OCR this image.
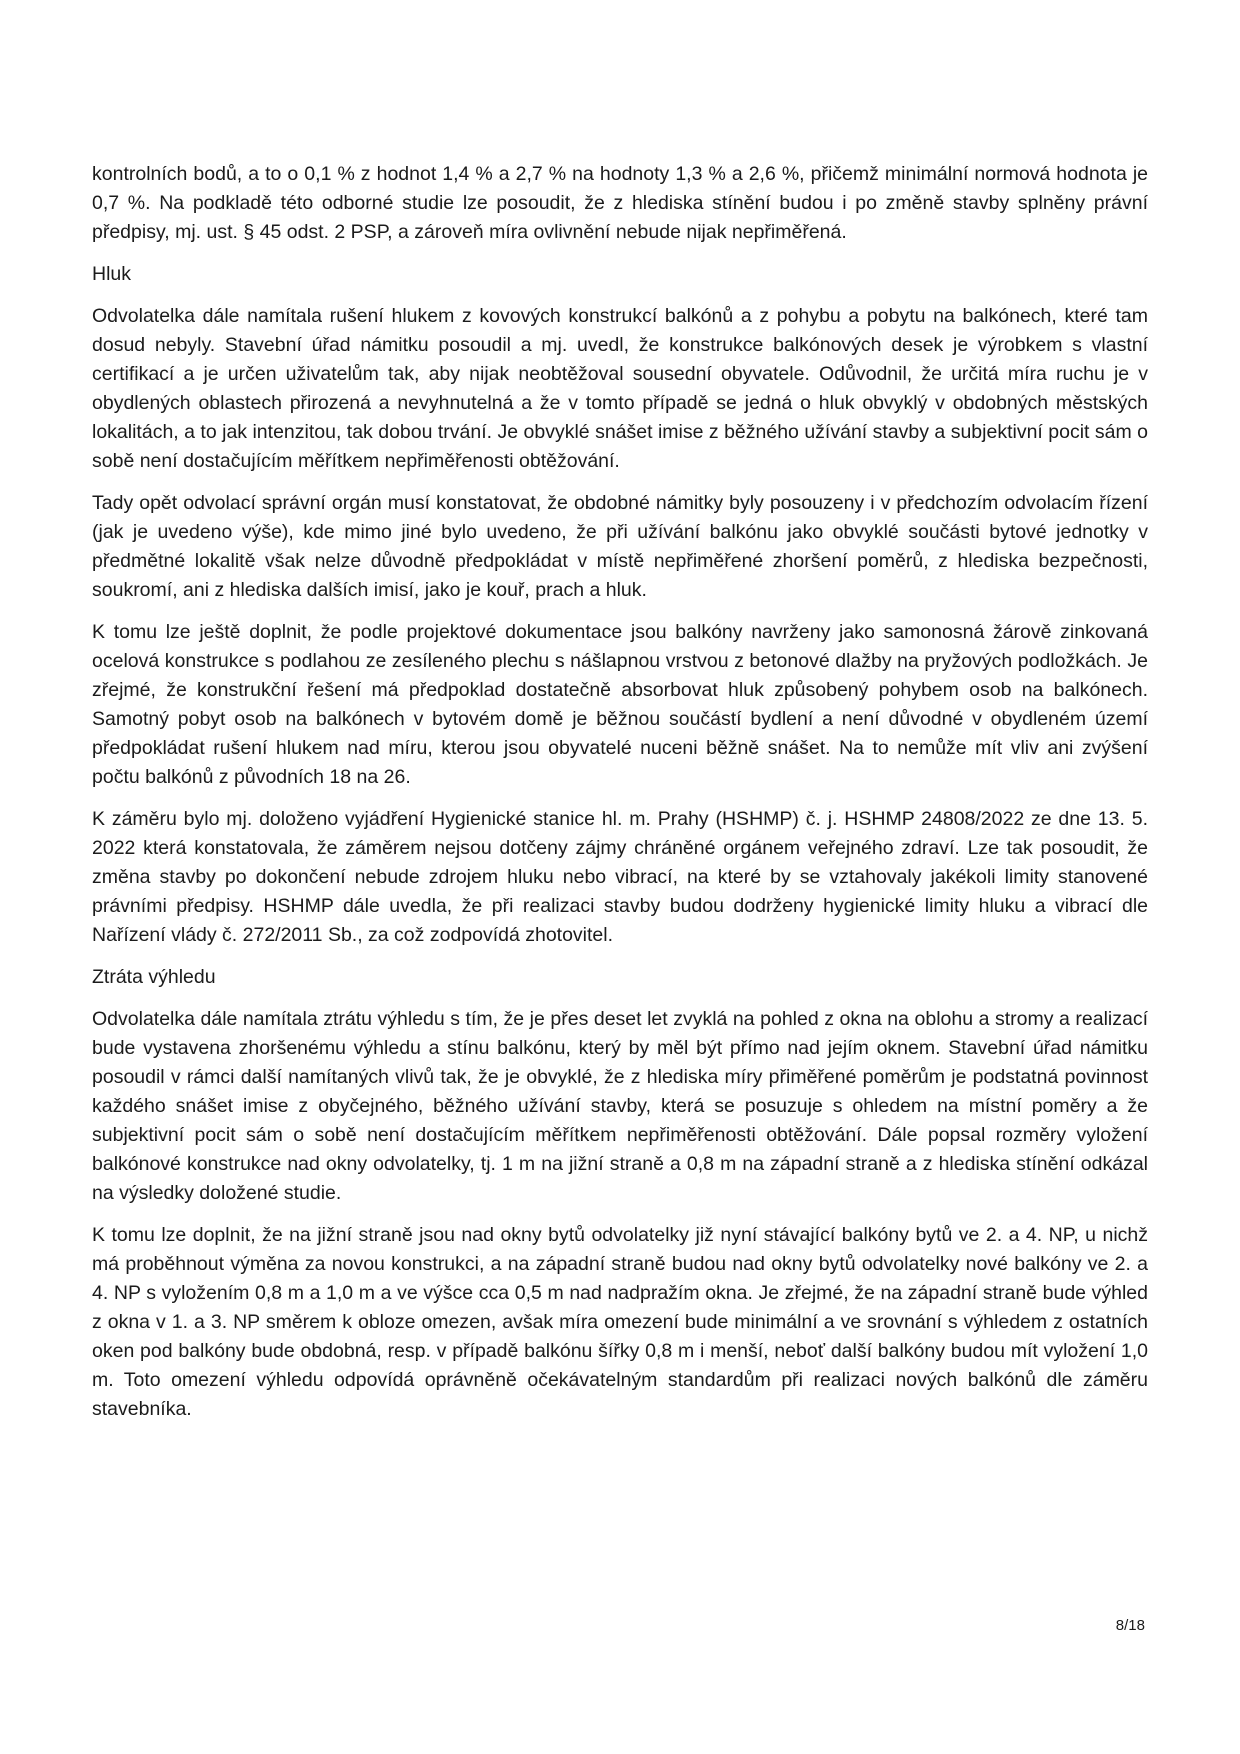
kontrolních bodů, a to o 0,1 % z hodnot 1,4 % a 2,7 % na hodnoty 1,3 % a 2,6 %, přičemž minimální normová hodnota je 0,7 %. Na podkladě této odborné studie lze posoudit, že z hlediska stínění budou i po změně stavby splněny právní předpisy, mj. ust. § 45 odst. 2 PSP, a zároveň míra ovlivnění nebude nijak nepřiměřená.

Hluk

Odvolatelka dále namítala rušení hlukem z kovových konstrukcí balkónů a z pohybu a pobytu na balkónech, které tam dosud nebyly. Stavební úřad námitku posoudil a mj. uvedl, že konstrukce balkónových desek je výrobkem s vlastní certifikací a je určen uživatelům tak, aby nijak neobtěžoval sousední obyvatele. Odůvodnil, že určitá míra ruchu je v obydlených oblastech přirozená a nevyhnutelná a že v tomto případě se jedná o hluk obvyklý v obdobných městských lokalitách, a to jak intenzitou, tak dobou trvání. Je obvyklé snášet imise z běžného užívání stavby a subjektivní pocit sám o sobě není dostačujícím měřítkem nepřiměřenosti obtěžování.

Tady opět odvolací správní orgán musí konstatovat, že obdobné námitky byly posouzeny i v předchozím odvolacím řízení (jak je uvedeno výše), kde mimo jiné bylo uvedeno, že při užívání balkónu jako obvyklé součásti bytové jednotky v předmětné lokalitě však nelze důvodně předpokládat v místě nepřiměřené zhoršení poměrů, z hlediska bezpečnosti, soukromí, ani z hlediska dalších imisí, jako je kouř, prach a hluk.

K tomu lze ještě doplnit, že podle projektové dokumentace jsou balkóny navrženy jako samonosná žárově zinkovaná ocelová konstrukce s podlahou ze zesíleného plechu s nášlapnou vrstvou z betonové dlažby na pryžových podložkách. Je zřejmé, že konstrukční řešení má předpoklad dostatečně absorbovat hluk způsobený pohybem osob na balkónech. Samotný pobyt osob na balkónech v bytovém domě je běžnou součástí bydlení a není důvodné v obydleném území předpokládat rušení hlukem nad míru, kterou jsou obyvatelé nuceni běžně snášet. Na to nemůže mít vliv ani zvýšení počtu balkónů z původních 18 na 26.

K záměru bylo mj. doloženo vyjádření Hygienické stanice hl. m. Prahy (HSHMP) č. j. HSHMP 24808/2022 ze dne 13. 5. 2022 která konstatovala, že záměrem nejsou dotčeny zájmy chráněné orgánem veřejného zdraví. Lze tak posoudit, že změna stavby po dokončení nebude zdrojem hluku nebo vibrací, na které by se vztahovaly jakékoli limity stanovené právními předpisy. HSHMP dále uvedla, že při realizaci stavby budou dodrženy hygienické limity hluku a vibrací dle Nařízení vlády č. 272/2011 Sb., za což zodpovídá zhotovitel.

Ztráta výhledu

Odvolatelka dále namítala ztrátu výhledu s tím, že je přes deset let zvyklá na pohled z okna na oblohu a stromy a realizací bude vystavena zhoršenému výhledu a stínu balkónu, který by měl být přímo nad jejím oknem. Stavební úřad námitku posoudil v rámci další namítaných vlivů tak, že je obvyklé, že z hlediska míry přiměřené poměrům je podstatná povinnost každého snášet imise z obyčejného, běžného užívání stavby, která se posuzuje s ohledem na místní poměry a že subjektivní pocit sám o sobě není dostačujícím měřítkem nepřiměřenosti obtěžování. Dále popsal rozměry vyložení balkónové konstrukce nad okny odvolatelky, tj. 1 m na jižní straně a 0,8 m na západní straně a z hlediska stínění odkázal na výsledky doložené studie.

K tomu lze doplnit, že na jižní straně jsou nad okny bytů odvolatelky již nyní stávající balkóny bytů ve 2. a 4. NP, u nichž má proběhnout výměna za novou konstrukci, a na západní straně budou nad okny bytů odvolatelky nové balkóny ve 2. a 4. NP s vyložením 0,8 m a 1,0 m a ve výšce cca 0,5 m nad nadpražím okna. Je zřejmé, že na západní straně bude výhled z okna v 1. a 3. NP směrem k obloze omezen, avšak míra omezení bude minimální a ve srovnání s výhledem z ostatních oken pod balkóny bude obdobná, resp. v případě balkónu šířky 0,8 m i menší, neboť další balkóny budou mít vyložení 1,0 m. Toto omezení výhledu odpovídá oprávněně očekávatelným standardům při realizaci nových balkónů dle záměru stavebníka.

8/18
